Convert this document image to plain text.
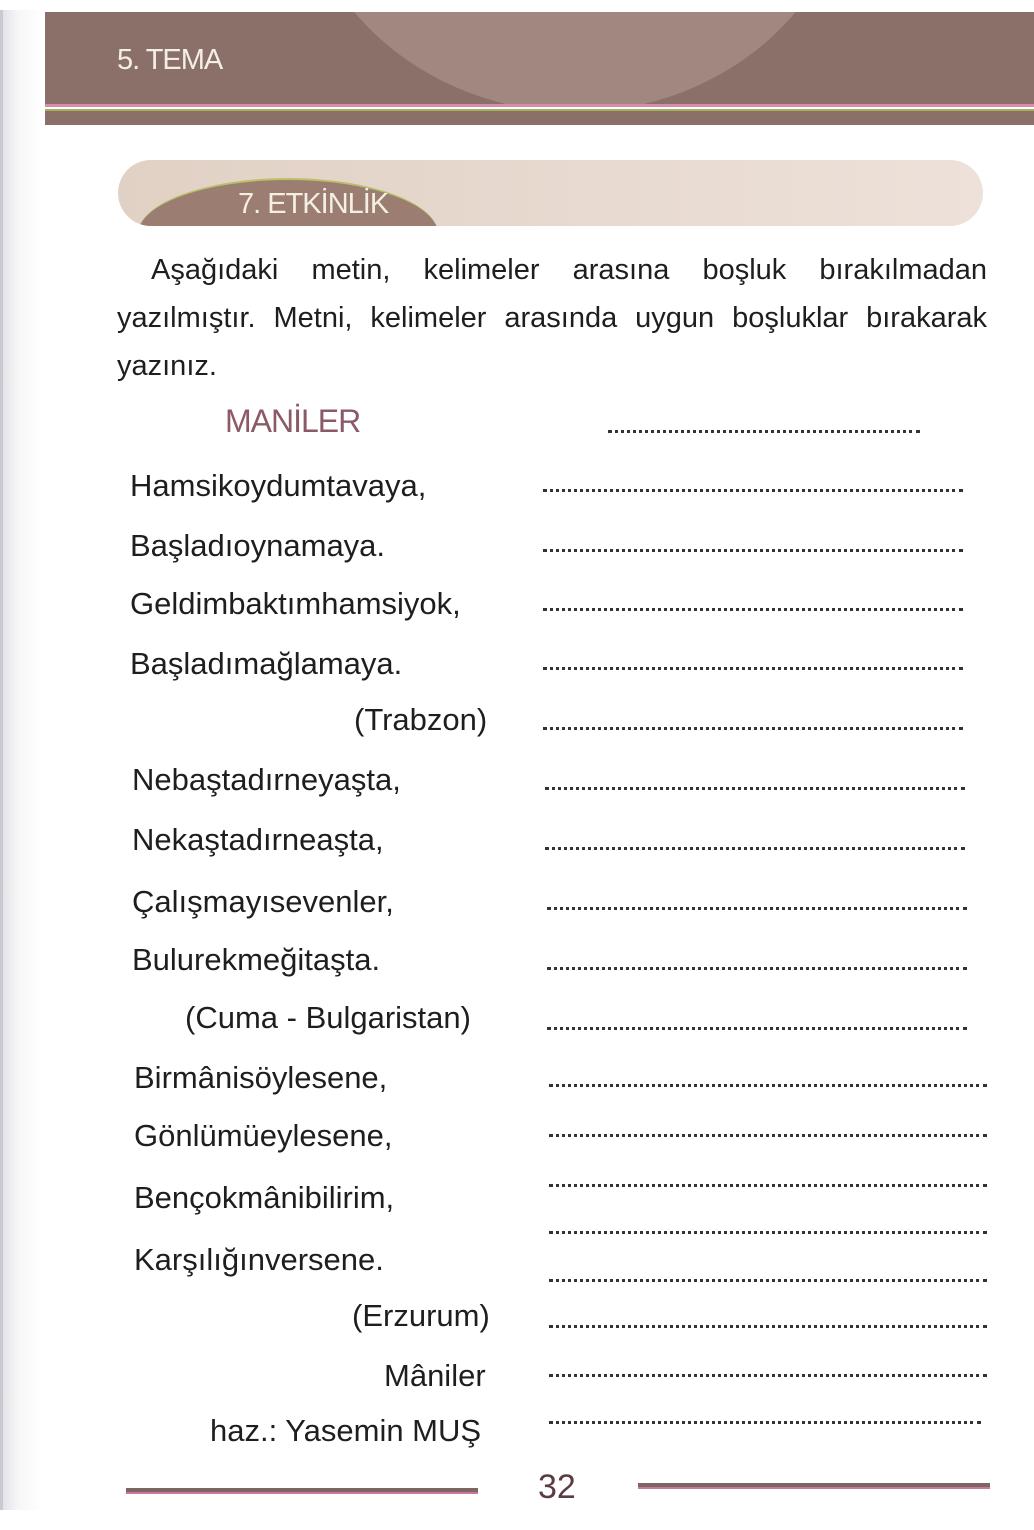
5. TEMA
7. ETKİNLİK
Aşağıdaki metin, kelimeler arasına boşluk bırakılmadan yazılmıştır. Metni, kelimeler arasında uygun boşluklar bırakarak yazınız.
MANİLER
Hamsikoydumtavaya,
Başladıoynamaya.
Geldimbaktımhamsiyok,
Başladımağlamaya.
(Trabzon)
Nebaştadırneyaşta,
Nekaştadırneaşta,
Çalışmayısevenler,
Bulurekmeğitaşta.
(Cuma - Bulgaristan)
Birmânisöylesene,
Gönlümüeylesene,
Bençokmânibilirim,
Karşılığınversene.
(Erzurum)
Mâniler
haz.: Yasemin MUŞ
32
